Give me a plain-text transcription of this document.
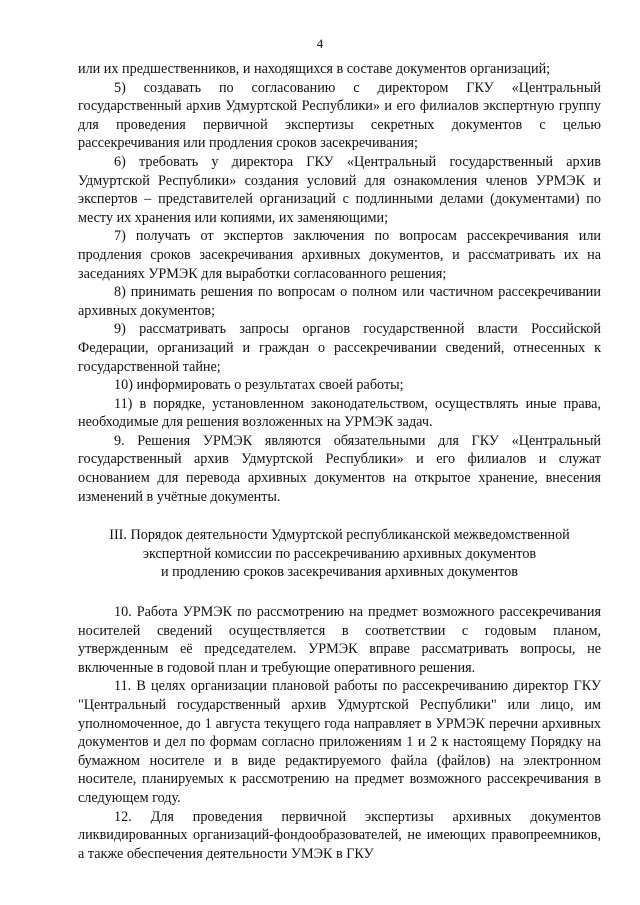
4

или их предшественников, и находящихся в составе документов организаций;

5) создавать по согласованию с директором ГКУ «Центральный государственный архив Удмуртской Республики» и его филиалов экспертную группу для проведения первичной экспертизы секретных документов с целью рассекречивания или продления сроков засекречивания;

6) требовать у директора ГКУ «Центральный государственный архив Удмуртской Республики» создания условий для ознакомления членов УРМЭК и экспертов – представителей организаций с подлинными делами (документами) по месту их хранения или копиями, их заменяющими;

7) получать от экспертов заключения по вопросам рассекречивания или продления сроков засекречивания архивных документов, и рассматривать их на заседаниях УРМЭК для выработки согласованного решения;

8) принимать решения по вопросам о полном или частичном рассекречивании архивных документов;

9) рассматривать запросы органов государственной власти Российской Федерации, организаций и граждан о рассекречивании сведений, отнесенных к государственной тайне;

10) информировать о результатах своей работы;

11) в порядке, установленном законодательством, осуществлять иные права, необходимые для решения возложенных на УРМЭК задач.

9. Решения УРМЭК являются обязательными для ГКУ «Центральный государственный архив Удмуртской Республики» и его филиалов и служат основанием для перевода архивных документов на открытое хранение, внесения изменений в учётные документы.

III. Порядок деятельности Удмуртской республиканской межведомственной
экспертной комиссии по рассекречиванию архивных документов
и продлению сроков засекречивания архивных документов

10. Работа УРМЭК по рассмотрению на предмет возможного рассекречивания носителей сведений осуществляется в соответствии с годовым планом, утвержденным её председателем. УРМЭК вправе рассматривать вопросы, не включенные в годовой план и требующие оперативного решения.

11. В целях организации плановой работы по рассекречиванию директор ГКУ "Центральный государственный архив Удмуртской Республики" или лицо, им уполномоченное, до 1 августа текущего года направляет в УРМЭК перечни архивных документов и дел по формам согласно приложениям 1 и 2 к настоящему Порядку на бумажном носителе и в виде редактируемого файла (файлов) на электронном носителе, планируемых к рассмотрению на предмет возможного рассекречивания в следующем году.

12. Для проведения первичной экспертизы архивных документов ликвидированных организаций-фондообразователей, не имеющих правопреемников, а также обеспечения деятельности УМЭК в ГКУ
